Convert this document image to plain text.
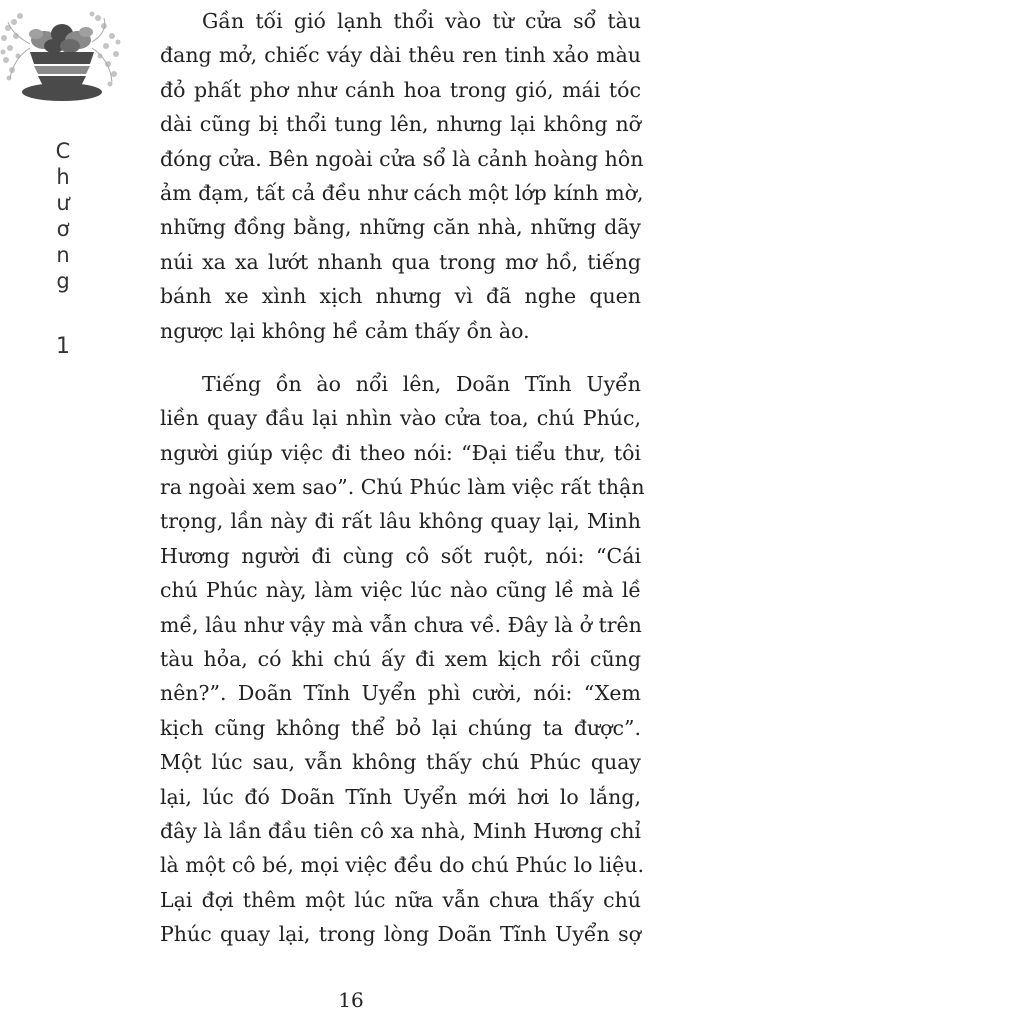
C
h
ư
ơ
n
g
1

Gần tối gió lạnh thổi vào từ cửa sổ tàu
đang mở, chiếc váy dài thêu ren tinh xảo màu
đỏ phất phơ như cánh hoa trong gió, mái tóc
dài cũng bị thổi tung lên, nhưng lại không nỡ
đóng cửa. Bên ngoài cửa sổ là cảnh hoàng hôn
ảm đạm, tất cả đều như cách một lớp kính mờ,
những đồng bằng, những căn nhà, những dãy
núi xa xa lướt nhanh qua trong mơ hồ, tiếng
bánh xe xình xịch nhưng vì đã nghe quen
ngược lại không hề cảm thấy ồn ào.

Tiếng ồn ào nổi lên, Doãn Tĩnh Uyển
liền quay đầu lại nhìn vào cửa toa, chú Phúc,
người giúp việc đi theo nói: “Đại tiểu thư, tôi
ra ngoài xem sao”. Chú Phúc làm việc rất thận
trọng, lần này đi rất lâu không quay lại, Minh
Hương người đi cùng cô sốt ruột, nói: “Cái
chú Phúc này, làm việc lúc nào cũng lề mà lề
mề, lâu như vậy mà vẫn chưa về. Đây là ở trên
tàu hỏa, có khi chú ấy đi xem kịch rồi cũng
nên?”. Doãn Tĩnh Uyển phì cười, nói: “Xem
kịch cũng không thể bỏ lại chúng ta được”.
Một lúc sau, vẫn không thấy chú Phúc quay
lại, lúc đó Doãn Tĩnh Uyển mới hơi lo lắng,
đây là lần đầu tiên cô xa nhà, Minh Hương chỉ
là một cô bé, mọi việc đều do chú Phúc lo liệu.
Lại đợi thêm một lúc nữa vẫn chưa thấy chú
Phúc quay lại, trong lòng Doãn Tĩnh Uyển sợ

16
